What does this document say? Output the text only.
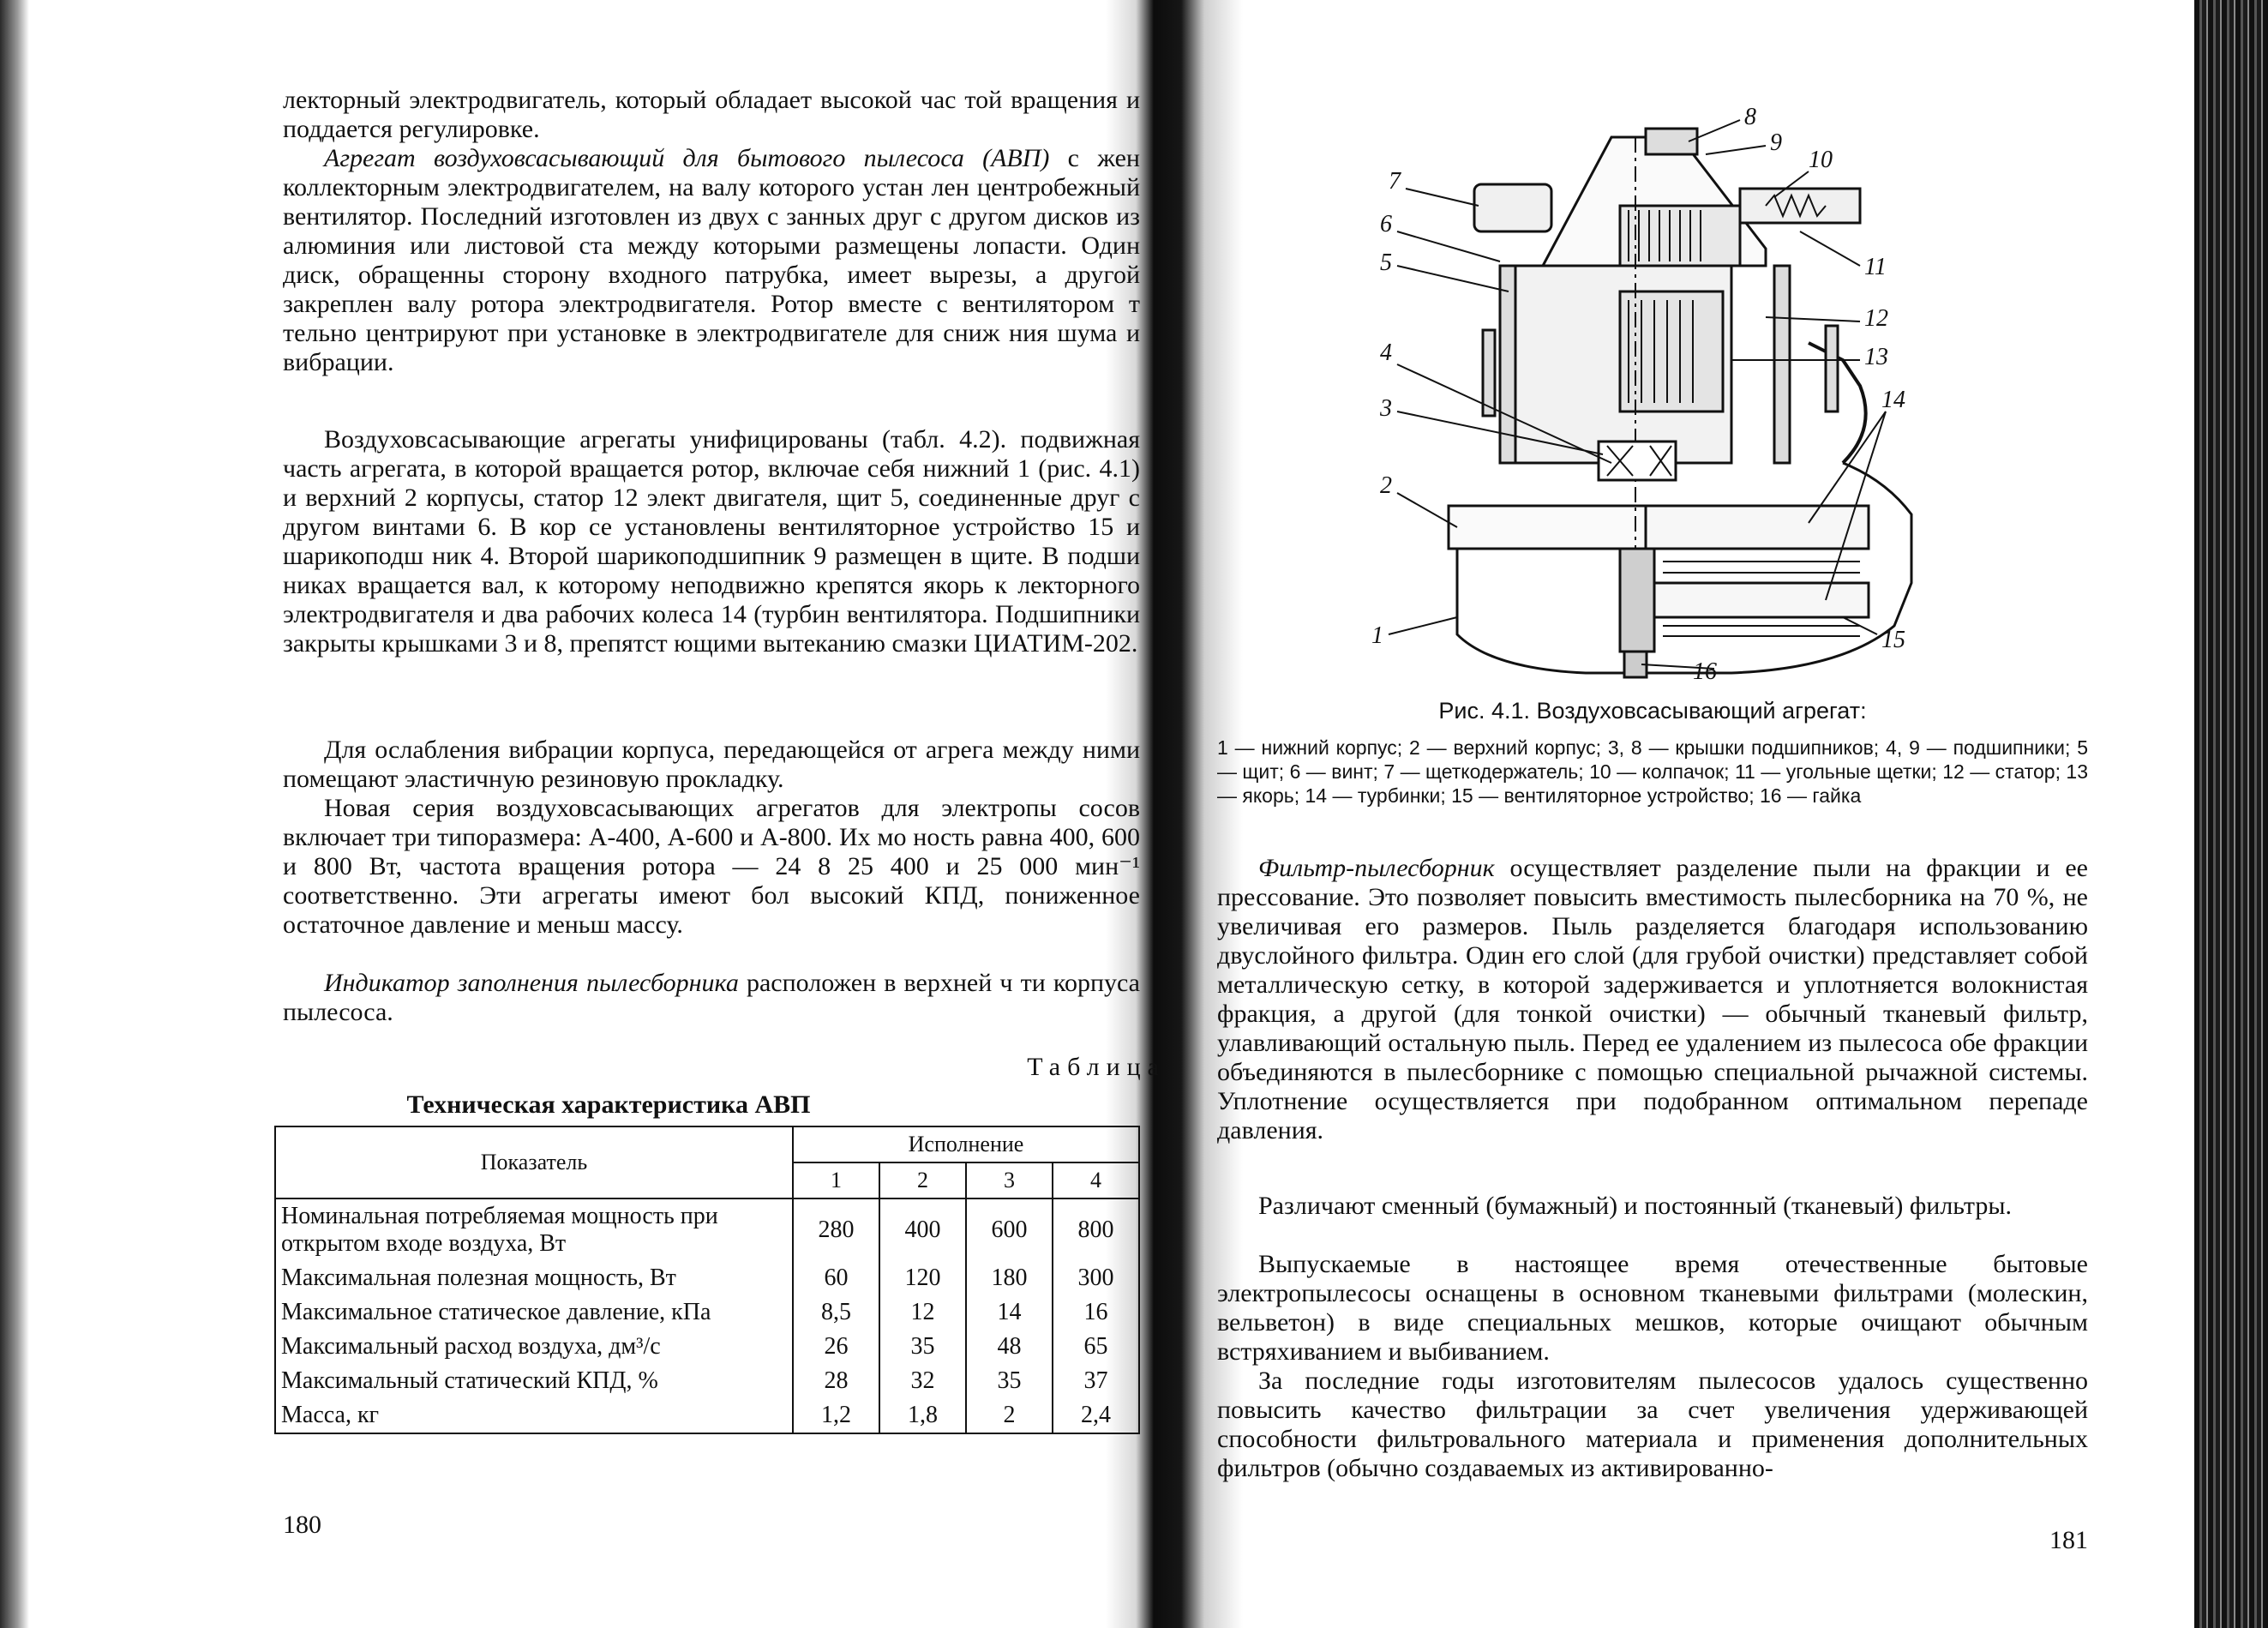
лекторный электродвигатель, который обладает высокой час той вращения и поддается регулировке.

Агрегат воздуховсасывающий для бытового пылесоса (АВП) с жен коллекторным электродвигателем, на валу которого устан лен центробежный вентилятор. Последний изготовлен из двух с занных друг с другом дисков из алюминия или листовой ста между которыми размещены лопасти. Один диск, обращенны сторону входного патрубка, имеет вырезы, а другой закреплен валу ротора электродвигателя. Ротор вместе с вентилятором т тельно центрируют при установке в электродвигателе для сниж ния шума и вибрации.

Воздуховсасывающие агрегаты унифицированы (табл. 4.2). подвижная часть агрегата, в которой вращается ротор, включае себя нижний 1 (рис. 4.1) и верхний 2 корпусы, статор 12 элект двигателя, щит 5, соединенные друг с другом винтами 6. В кор се установлены вентиляторное устройство 15 и шарикоподш ник 4. Второй шарикоподшипник 9 размещен в щите. В подши никах вращается вал, к которому неподвижно крепятся якорь к лекторного электродвигателя и два рабочих колеса 14 (турбин вентилятора. Подшипники закрыты крышками 3 и 8, препятст ющими вытеканию смазки ЦИАТИМ-202.

Для ослабления вибрации корпуса, передающейся от агрега между ними помещают эластичную резиновую прокладку.

Новая серия воздуховсасывающих агрегатов для электропы сосов включает три типоразмера: А-400, А-600 и А-800. Их мо ность равна 400, 600 и 800 Вт, частота вращения ротора — 24 8 25 400 и 25 000 мин⁻¹ соответственно. Эти агрегаты имеют бол высокий КПД, пониженное остаточное давление и меньш массу.

Индикатор заполнения пылесборника расположен в верхней ч ти корпуса пылесоса.

Таблица
Техническая характеристика АВП
Показатель	Исполнение			
	1	2	3	4
Номинальная потребляемая мощность при открытом входе воздуха, Вт	280	400	600	800
Максимальная полезная мощность, Вт	60	120	180	300
Максимальное статическое давление, кПа	8,5	12	14	16
Максимальный расход воздуха, дм³/с	26	35	48	65
Максимальный статический КПД, %	28	32	35	37
Масса, кг	1,2	1,8	2	2,4
180
1
2
3
4
5
6
7
8
9
10
11
12
13
14
15
16
Рис. 4.1. Воздуховсасывающий агрегат:
1 — нижний корпус; 2 — верхний корпус; 3, 8 — крышки подшипников; 4, 9 — подшипники; 5 — щит; 6 — винт; 7 — щеткодержатель; 10 — колпачок; 11 — угольные щетки; 12 — статор; 13 — якорь; 14 — турбинки; 15 — вентиляторное устройство; 16 — гайка

Фильтр-пылесборник осуществляет разделение пыли на фракции и ее прессование. Это позволяет повысить вместимость пылесборника на 70 %, не увеличивая его размеров. Пыль разделяется благодаря использованию двуслойного фильтра. Один его слой (для грубой очистки) представляет собой металлическую сетку, в которой задерживается и уплотняется волокнистая фракция, а другой (для тонкой очистки) — обычный тканевый фильтр, улавливающий остальную пыль. Перед ее удалением из пылесоса обе фракции объединяются в пылесборнике с помощью специальной рычажной системы. Уплотнение осуществляется при подобранном оптимальном перепаде давления.

Различают сменный (бумажный) и постоянный (тканевый) фильтры.

Выпускаемые в настоящее время отечественные бытовые электропылесосы оснащены в основном тканевыми фильтрами (молескин, вельветон) в виде специальных мешков, которые очищают обычным встряхиванием и выбиванием.

За последние годы изготовителям пылесосов удалось существенно повысить качество фильтрации за счет увеличения удерживающей способности фильтровального материала и применения дополнительных фильтров (обычно создаваемых из активированно-

181
